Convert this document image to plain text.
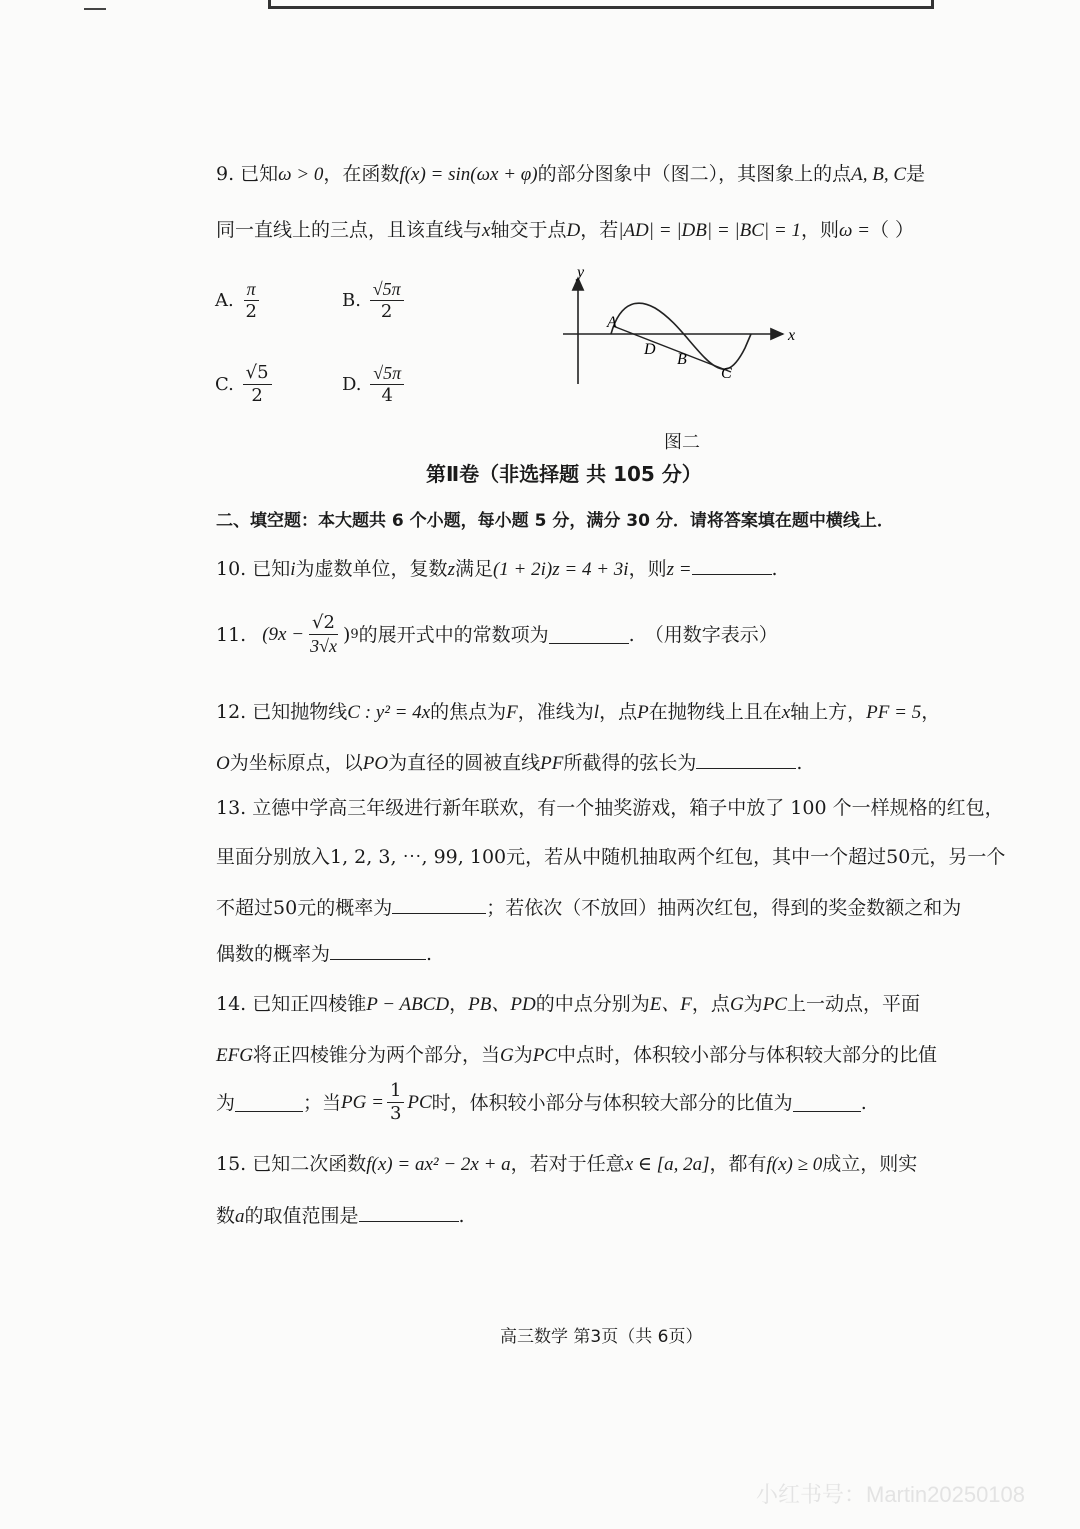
9. 已知ω > 0，在函数f(x) = sin(ωx + φ)的部分图象中（图二），其图象上的点A, B, C是
同一直线上的三点，且该直线与x轴交于点D，若|AD| = |DB| = |BC| = 1，则ω =（ ）
A. $\frac{\pi}{2}$	B. $\frac{√5\pi}{2}$
C. $\frac{√5}{2}$	D. $\frac{√5\pi}{4}$
y
x
A
D
B
C
图二
第Ⅱ卷（非选择题 共 105 分）
二、填空题：本大题共 6 个小题，每小题 5 分，满分 30 分．请将答案填在题中横线上．
10. 已知i为虚数单位，复数z满足(1 + 2i)z = 4 + 3i，则z =	.
11. ($9x - \frac{√2}{3√x}$ ) 9 的展开式中的常数项为	. （用数字表示）
12. 已知抛物线C : y² = 4x的焦点为F，准线为l，点P在抛物线上且在x轴上方，PF = 5，
O为坐标原点，以PO为直径的圆被直线PF所截得的弦长为	.
13. 立德中学高三年级进行新年联欢，有一个抽奖游戏，箱子中放了 100 个一样规格的红包，
里面分别放入1, 2, 3, ⋯, 99, 100元，若从中随机抽取两个红包，其中一个超过50元，另一个
不超过50元的概率为	；若依次（不放回）抽两次红包，得到的奖金数额之和为
偶数的概率为	.
14. 已知正四棱锥P − ABCD，PB、PD的中点分别为E、F，点G为PC上一动点，平面
EFG将正四棱锥分为两个部分，当G为PC中点时，体积较小部分与体积较大部分的比值
为	；当 PG = $\frac{1}{3}$ PC 时，体积较小部分与体积较大部分的比值为	.
15. 已知二次函数f(x) = ax² − 2x + a，若对于任意x ∈ [a, 2a]，都有f(x) ≥ 0成立，则实
数a的取值范围是	.
高三数学 第3页（共 6页）
小红书号：Martin20250108
